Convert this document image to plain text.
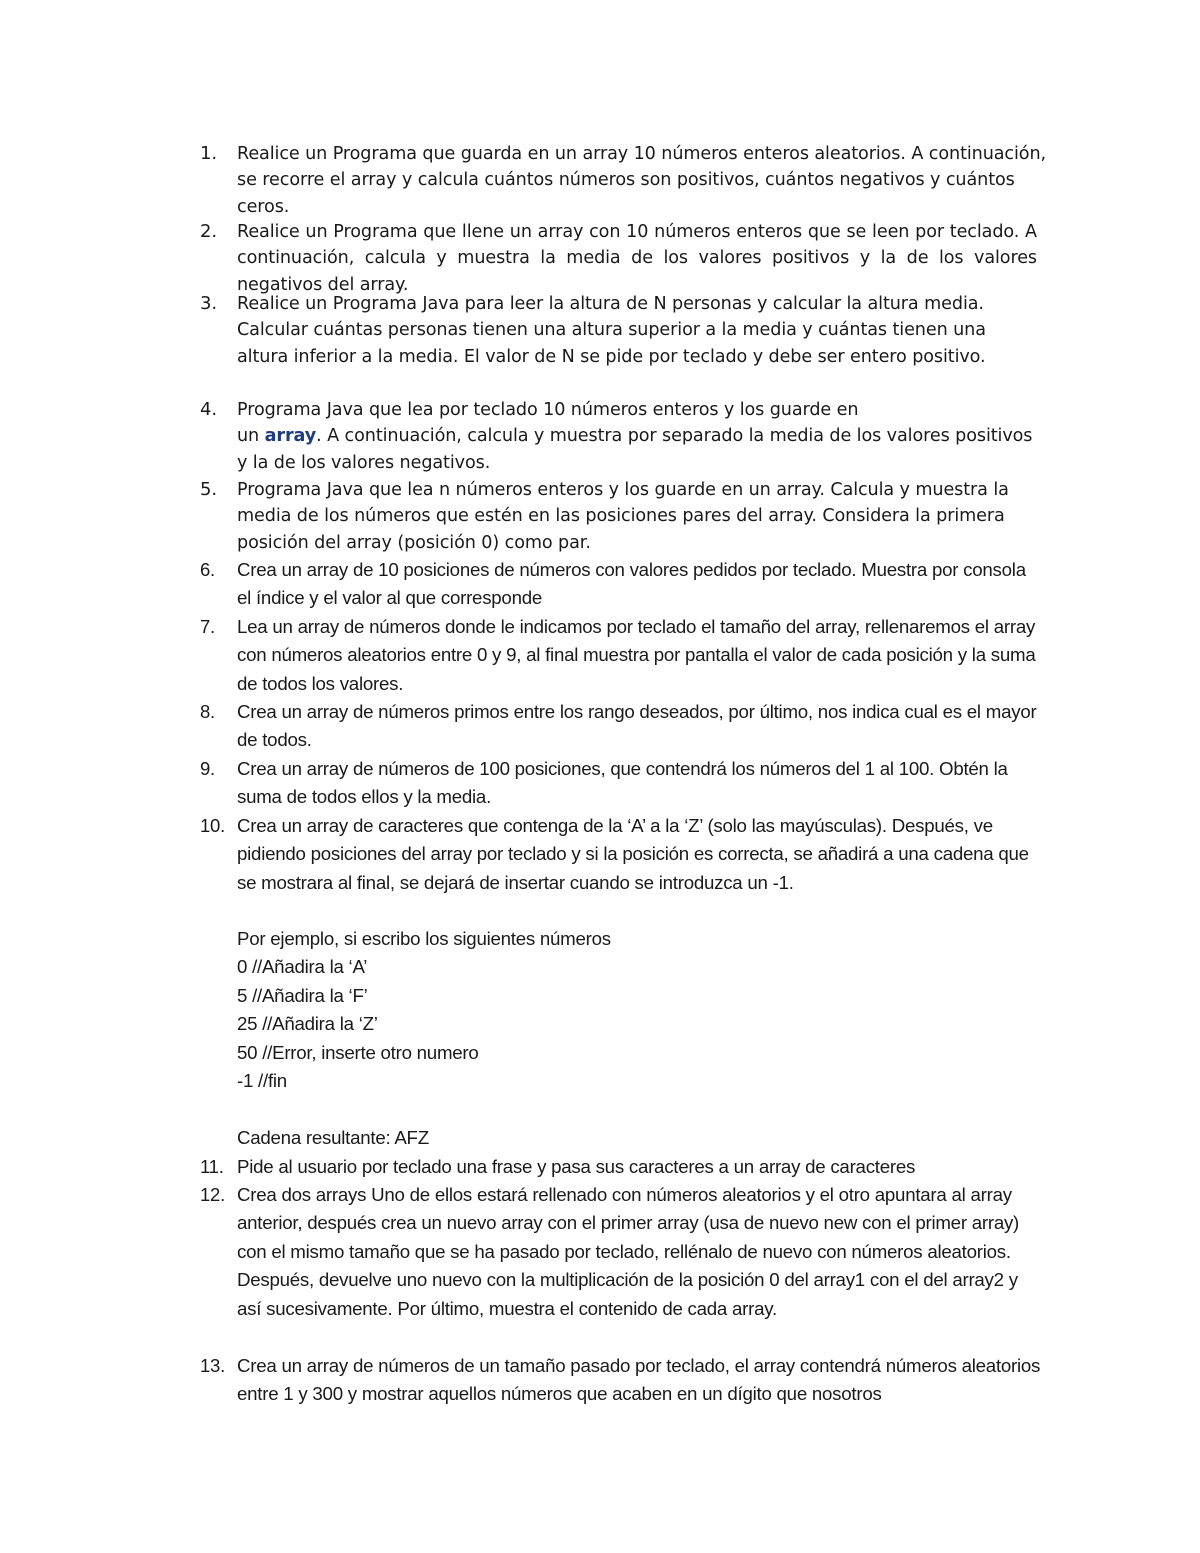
1.	Realice un Programa que guarda en un array 10 números enteros aleatorios. A continuación, se recorre el array y calcula cuántos números son positivos, cuántos negativos y cuántos ceros.
2.	Realice un Programa que llene un array con 10 números enteros que se leen por teclado. A continuación, calcula y muestra la media de los valores positivos y la de los valores negativos del array.
3.	Realice un Programa Java para leer la altura de N personas y calcular la altura media. Calcular cuántas personas tienen una altura superior a la media y cuántas tienen una altura inferior a la media. El valor de N se pide por teclado y debe ser entero positivo.
4.	Programa Java que lea por teclado 10 números enteros y los guarde en
un array. A continuación, calcula y muestra por separado la media de los valores positivos y la de los valores negativos.
5.	Programa Java que lea n números enteros y los guarde en un array. Calcula y muestra la media de los números que estén en las posiciones pares del array. Considera la primera posición del array (posición 0) como par.
6.	Crea un array de 10 posiciones de números con valores pedidos por teclado. Muestra por consola el índice y el valor al que corresponde
7.	Lea un array de números donde le indicamos por teclado el tamaño del array, rellenaremos el array con números aleatorios entre 0 y 9, al final muestra por pantalla el valor de cada posición y la suma de todos los valores.
8.	Crea un array de números primos entre los rango deseados, por último, nos indica cual es el mayor de todos.
9.	Crea un array de números de 100 posiciones, que contendrá los números del 1 al 100. Obtén la suma de todos ellos y la media.
10. Crea un array de caracteres que contenga de la ‘A’ a la ‘Z’ (solo las mayúsculas). Después, ve pidiendo posiciones del array por teclado y si la posición es correcta, se añadirá a una cadena que se mostrara al final, se dejará de insertar cuando se introduzca un -1.
Por ejemplo, si escribo los siguientes números
0 //Añadira la ‘A’
5 //Añadira la ‘F’
25 //Añadira la ‘Z’
50 //Error, inserte otro numero
-1 //fin
Cadena resultante: AFZ
11. Pide al usuario por teclado una frase y pasa sus caracteres a un array de caracteres
12. Crea dos arrays Uno de ellos estará rellenado con números aleatorios y el otro apuntara al array anterior, después crea un nuevo array con el primer array (usa de nuevo new con el primer array) con el mismo tamaño que se ha pasado por teclado, rellénalo de nuevo con números aleatorios.
Después, devuelve uno nuevo con la multiplicación de la posición 0 del array1 con el del array2 y así sucesivamente. Por último, muestra el contenido de cada array.
13. Crea un array de números de un tamaño pasado por teclado, el array contendrá números aleatorios entre 1 y 300 y mostrar aquellos números que acaben en un dígito que nosotros
